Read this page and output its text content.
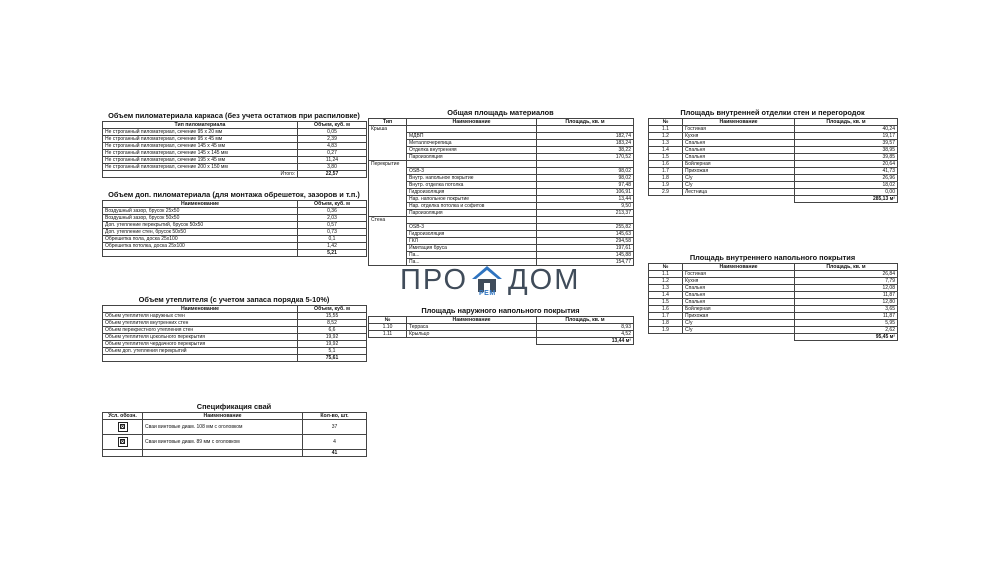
Объем пиломатериала каркаса (без учета остатков при распиловке)
Тип пиломатериала	Объем, куб. м
Не строганный пиломатериал, сечение 95 x 20 мм	0,05
Не строганный пиломатериал, сечение 95 x 45 мм	2,39
Не строганный пиломатериал, сечение 145 x 45 мм	4,83
Не строганный пиломатериал, сечение 145 x 145 мм	0,27
Не строганный пиломатериал, сечение 195 x 45 мм	11,24
Не строганный пиломатериал, сечение 200 x 150 мм	3,80
Итого:	22,57
Объем доп. пиломатериала (для монтажа обрешеток, зазоров и т.п.)
Наименование	Объем, куб. м
Воздушный зазор, брусок 25x50	0,36
Воздушный зазор, брусок 50x50	2,03
Доп. утепление перекрытий, брусок 50x50	0,57
Доп. утепление стен, брусок 50x50	0,73
Обрешетка пола, доска 25x100	0,1
Обрешетка потолка, доска 25x100	1,42
	5,21
Объем утеплителя (с учетом запаса порядка 5-10%)
Наименование	Объем, куб. м
Объем утеплителя наружных стен	15,55
Объем утеплителя внутренних стен	8,52
Объем перекрестного утепления стен	6,6
Объем утеплителя цокольного перекрытия	19,92
Объем утеплителя чердачного перекрытия	19,92
Объем доп. утепления перекрытий	5,1
	75,61
Спецификация свай
Усл. обозн.	Наименование	Кол-во, шт.
×	Сваи винтовые диам. 108 мм с оголовком	37
×	Сваи винтовые диам. 89 мм с оголовком	4
		41
Общая площадь материалов
Тип	Наименование	Площадь, кв. м
Крыша		
	МДВП	182,74
	Металлочерепица	183,24
	Отделка внутренняя	38,22
	Пароизоляция	170,52
Перекрытие		
	OSB-3	98,02
	Внутр. напольное покрытие	98,02
	Внутр. отделка потолка	97,48
	Гидроизоляция	106,91
	Нар. напольное покрытие	13,44
	Нар. отделка потолка и софитов	9,50
	Пароизоляция	213,37
Стена		
	OSB-3	255,82
	Гидроизоляция	145,63
	ГКЛ	294,58
	Имитация бруса	197,61
	Па...	145,88
	Па...	154,77
Площадь наружного напольного покрытия
№	Наименование	Площадь, кв. м
1.10	Терраса	8,93
1.11	Крыльцо	4,52
		13,44 м²
Площадь внутренней отделки стен и перегородок
№	Наименование	Площадь, кв. м
1.1	Гостиная	40,24
1.2	Кухня	19,17
1.3	Спальня	39,57
1.4	Спальня	38,95
1.5	Спальня	39,85
1.6	Бойлерная	20,64
1.7	Прихожая	41,73
1.8	С/у	26,96
1.9	С/у	18,02
2.9	Лестница	0,00
		285,13 м²
Площадь внутреннего напольного покрытия
№	Наименование	Площадь, кв. м
1.1	Гостиная	26,84
1.2	Кухня	7,79
1.3	Спальня	12,08
1.4	Спальня	11,87
1.5	Спальня	12,80
1.6	Бойлерная	3,65
1.7	Прихожая	11,87
1.8	С/у	5,95
1.9	С/у	2,62
		95,45 м²
ПРО РЕМ ДОМ
